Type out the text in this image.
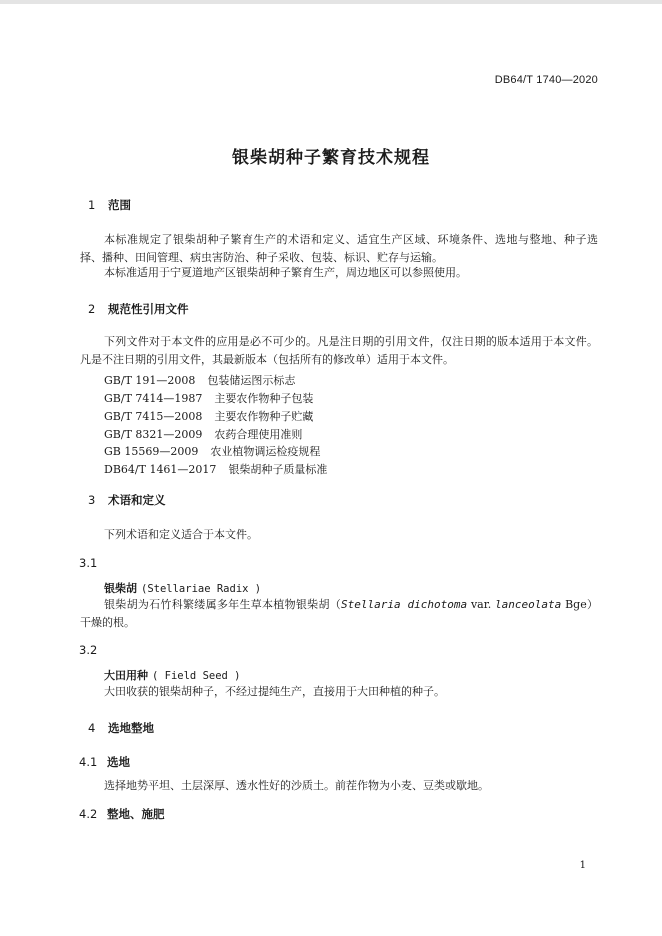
DB64/T 1740—2020
银柴胡种子繁育技术规程
1 范围
本标准规定了银柴胡种子繁育生产的术语和定义、适宜生产区域、环境条件、选地与整地、种子选择、播种、田间管理、病虫害防治、种子采收、包装、标识、贮存与运输。
本标准适用于宁夏道地产区银柴胡种子繁育生产，周边地区可以参照使用。
2 规范性引用文件
下列文件对于本文件的应用是必不可少的。凡是注日期的引用文件，仅注日期的版本适用于本文件。凡是不注日期的引用文件，其最新版本（包括所有的修改单）适用于本文件。
GB/T 191—2008 包装储运图示标志
GB/T 7414—1987 主要农作物种子包装
GB/T 7415—2008 主要农作物种子贮藏
GB/T 8321—2009 农药合理使用准则
GB 15569—2009 农业植物调运检疫规程
DB64/T 1461—2017 银柴胡种子质量标准
3 术语和定义
下列术语和定义适合于本文件。
3.1
银柴胡 (Stellariae Radix )
银柴胡为石竹科繁缕属多年生草本植物银柴胡（Stellaria dichotoma var. lanceolata Bge）干燥的根。
3.2
大田用种 ( Field Seed )
大田收获的银柴胡种子，不经过提纯生产，直接用于大田种植的种子。
4 选地整地
4.1 选地
选择地势平坦、土层深厚、透水性好的沙质土。前茬作物为小麦、豆类或歇地。
4.2 整地、施肥
1
